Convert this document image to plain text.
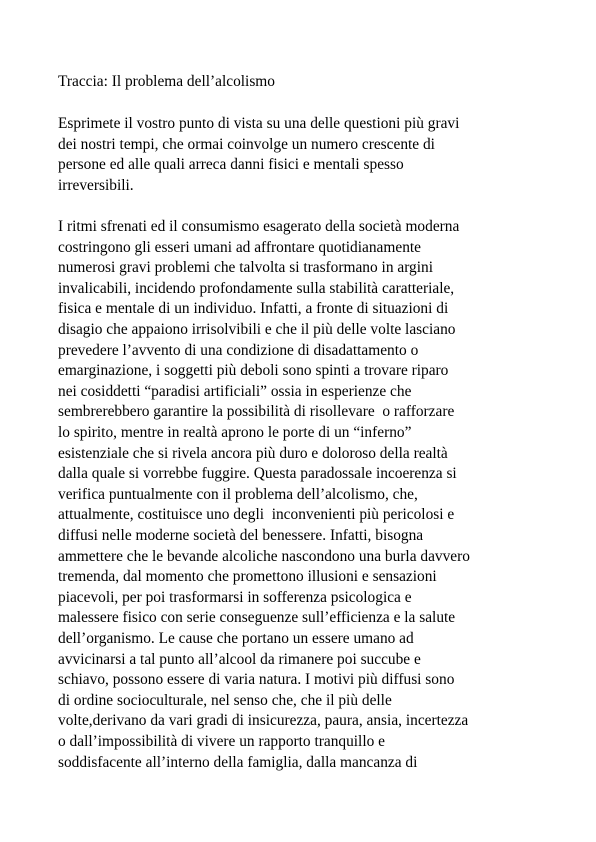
Traccia: Il problema dell’alcolismo
Esprimete il vostro punto di vista su una delle questioni più gravi
dei nostri tempi, che ormai coinvolge un numero crescente di
persone ed alle quali arreca danni fisici e mentali spesso
irreversibili.
I ritmi sfrenati ed il consumismo esagerato della società moderna
costringono gli esseri umani ad affrontare quotidianamente
numerosi gravi problemi che talvolta si trasformano in argini
invalicabili, incidendo profondamente sulla stabilità caratteriale,
fisica e mentale di un individuo. Infatti, a fronte di situazioni di
disagio che appaiono irrisolvibili e che il più delle volte lasciano
prevedere l’avvento di una condizione di disadattamento o
emarginazione, i soggetti più deboli sono spinti a trovare riparo
nei cosiddetti “paradisi artificiali” ossia in esperienze che
sembrerebbero garantire la possibilità di risollevare  o rafforzare
lo spirito, mentre in realtà aprono le porte di un “inferno”
esistenziale che si rivela ancora più duro e doloroso della realtà
dalla quale si vorrebbe fuggire. Questa paradossale incoerenza si
verifica puntualmente con il problema dell’alcolismo, che,
attualmente, costituisce uno degli  inconvenienti più pericolosi e
diffusi nelle moderne società del benessere. Infatti, bisogna
ammettere che le bevande alcoliche nascondono una burla davvero
tremenda, dal momento che promettono illusioni e sensazioni
piacevoli, per poi trasformarsi in sofferenza psicologica e
malessere fisico con serie conseguenze sull’efficienza e la salute
dell’organismo. Le cause che portano un essere umano ad
avvicinarsi a tal punto all’alcool da rimanere poi succube e
schiavo, possono essere di varia natura. I motivi più diffusi sono
di ordine socioculturale, nel senso che, che il più delle
volte,derivano da vari gradi di insicurezza, paura, ansia, incertezza
o dall’impossibilità di vivere un rapporto tranquillo e
soddisfacente all’interno della famiglia, dalla mancanza di
